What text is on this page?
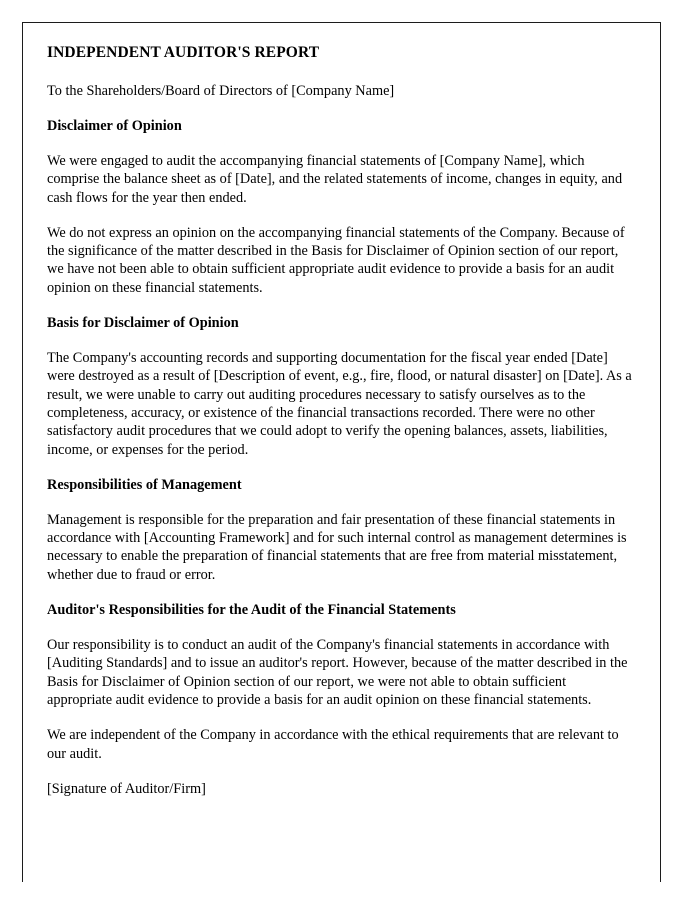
INDEPENDENT AUDITOR'S REPORT

To the Shareholders/Board of Directors of [Company Name]

Disclaimer of Opinion

We were engaged to audit the accompanying financial statements of [Company Name], which comprise the balance sheet as of [Date], and the related statements of income, changes in equity, and cash flows for the year then ended.

We do not express an opinion on the accompanying financial statements of the Company. Because of the significance of the matter described in the Basis for Disclaimer of Opinion section of our report, we have not been able to obtain sufficient appropriate audit evidence to provide a basis for an audit opinion on these financial statements.

Basis for Disclaimer of Opinion

The Company's accounting records and supporting documentation for the fiscal year ended [Date] were destroyed as a result of [Description of event, e.g., fire, flood, or natural disaster] on [Date]. As a result, we were unable to carry out auditing procedures necessary to satisfy ourselves as to the completeness, accuracy, or existence of the financial transactions recorded. There were no other satisfactory audit procedures that we could adopt to verify the opening balances, assets, liabilities, income, or expenses for the period.

Responsibilities of Management

Management is responsible for the preparation and fair presentation of these financial statements in accordance with [Accounting Framework] and for such internal control as management determines is necessary to enable the preparation of financial statements that are free from material misstatement, whether due to fraud or error.

Auditor's Responsibilities for the Audit of the Financial Statements

Our responsibility is to conduct an audit of the Company's financial statements in accordance with [Auditing Standards] and to issue an auditor's report. However, because of the matter described in the Basis for Disclaimer of Opinion section of our report, we were not able to obtain sufficient appropriate audit evidence to provide a basis for an audit opinion on these financial statements.

We are independent of the Company in accordance with the ethical requirements that are relevant to our audit.

[Signature of Auditor/Firm]
